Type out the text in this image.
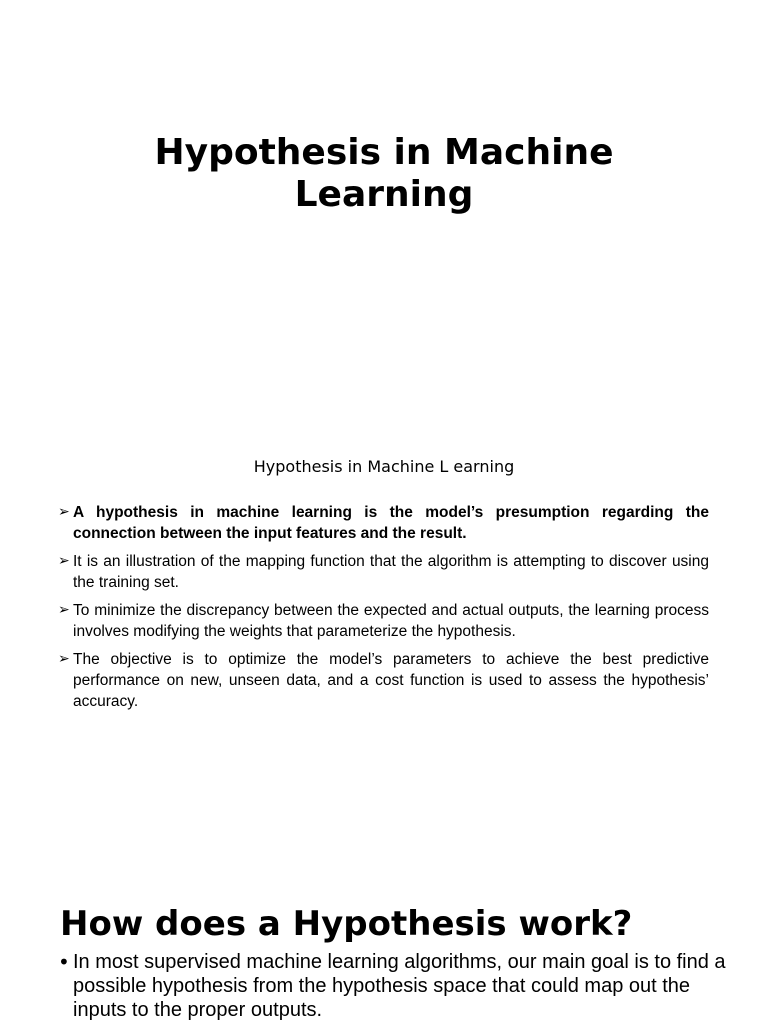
Hypothesis in Machine Learning

Hypothesis in Machine L earning

➢ A hypothesis in machine learning is the model’s presumption regarding the connection between the input features and the result.
➢ It is an illustration of the mapping function that the algorithm is attempting to discover using the training set.
➢ To minimize the discrepancy between the expected and actual outputs, the learning process involves modifying the weights that parameterize the hypothesis.
➢ The objective is to optimize the model’s parameters to achieve the best predictive performance on new, unseen data, and a cost function is used to assess the hypothesis’ accuracy.
How does a Hypothesis work?
• In most supervised machine learning algorithms, our main goal is to find a possible hypothesis from the hypothesis space that could map out the inputs to the proper outputs.
